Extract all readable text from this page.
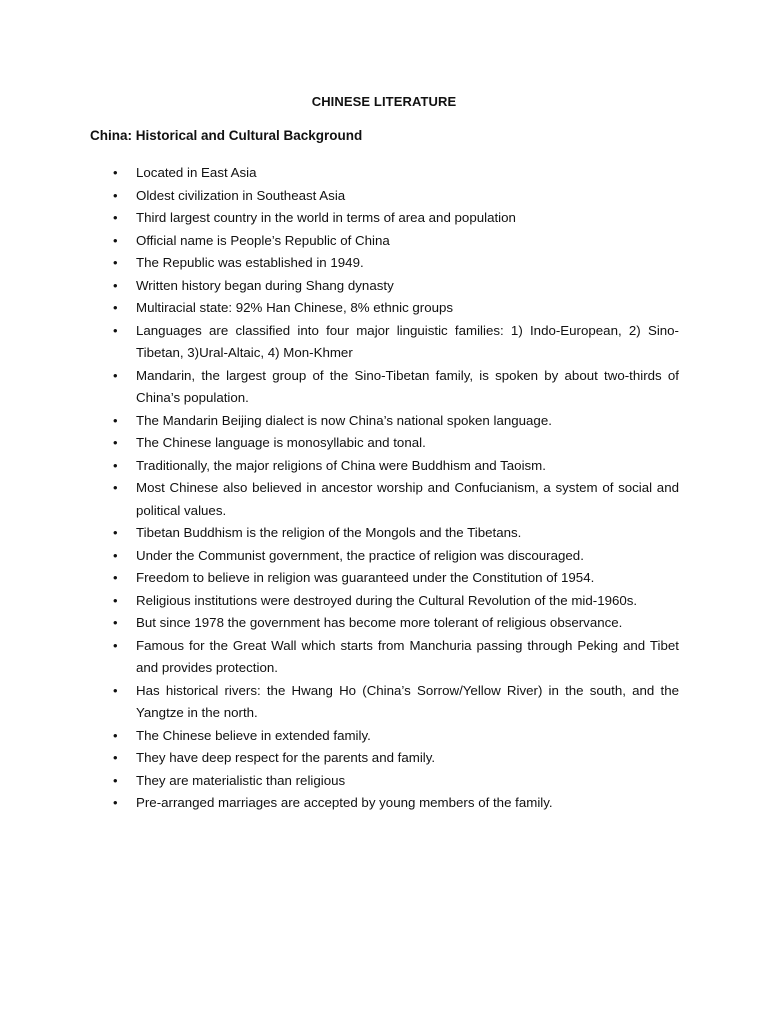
CHINESE LITERATURE
China: Historical and Cultural Background
• Located in East Asia
• Oldest civilization in Southeast Asia
• Third largest country in the world in terms of area and population
• Official name is People’s Republic of China
• The Republic was established in 1949.
• Written history began during Shang dynasty
• Multiracial state: 92% Han Chinese, 8% ethnic groups
• Languages are classified into four major linguistic families: 1) Indo-European, 2) Sino-Tibetan, 3)Ural-Altaic, 4) Mon-Khmer
• Mandarin, the largest group of the Sino-Tibetan family, is spoken by about two-thirds of China’s population.
• The Mandarin Beijing dialect is now China’s national spoken language.
• The Chinese language is monosyllabic and tonal.
• Traditionally, the major religions of China were Buddhism and Taoism.
• Most Chinese also believed in ancestor worship and Confucianism, a system of social and political values.
• Tibetan Buddhism is the religion of the Mongols and the Tibetans.
• Under the Communist government, the practice of religion was discouraged.
• Freedom to believe in religion was guaranteed under the Constitution of 1954.
• Religious institutions were destroyed during the Cultural Revolution of the mid-1960s.
• But since 1978 the government has become more tolerant of religious observance.
• Famous for the Great Wall which starts from Manchuria passing through Peking and Tibet and provides protection.
• Has historical rivers: the Hwang Ho (China’s Sorrow/Yellow River) in the south, and the Yangtze in the north.
• The Chinese believe in extended family.
• They have deep respect for the parents and family.
• They are materialistic than religious
• Pre-arranged marriages are accepted by young members of the family.
